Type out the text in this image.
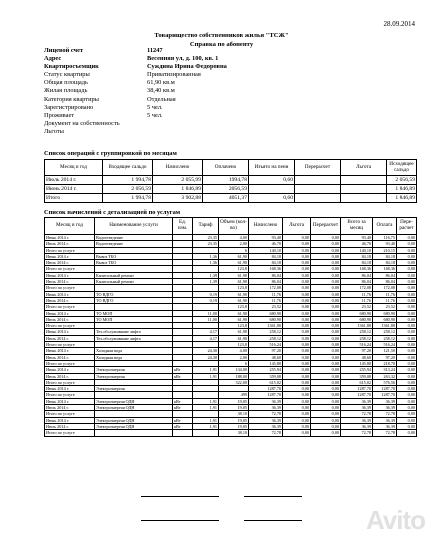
28.09.2014
Товарищество собственников жилья "ТСЖ"
Справка по абоненту
Лицевой счет	11247
Адрес	Весенняя ул, д. 100, кв. 1
Квартиросъемщик	Суждина Ирина Федоровна
Статус квартиры	Приватизированная
Общая площадь	61,90 кв.м
Жилая площадь	38,40 кв.м
Категория квартиры	Отдельная
Зарегистрировано	5 чел.
Проживает	5 чел.
Документ на собственность
Льготы
Список операций с группировкой по месяцам
Месяц и год	Входящее сальдо	Начислено	Оплачено	Изъято на пени	Перерасчет	Льгота	Исходящее сальдо
Июль 2014 г.	1 994,78	2 055,99	1994,78	0,60			2 056,59
Июнь 2014 г.	2 056,59	1 846,89	2056,59				1 846,89
Итого	1 994,78	3 902,88	4051,37	0,60			1 846,89
Список начислений с детализацией по услугам
Месяц и год	Наименование услуги	Ед. изм.	Тариф	Объем (кол-во)	Начислено	Льгота	Перерасчет	Всего за месяц	Оплата	Пере-расчет
Июнь 2014 г.	Водоотведение		23,35	4,00	93,40	0,00	0,00	93,40	116,75	0,00
Июль 2014 г.	Водоотведение		23,35	2,00	46,70	0,00	0,00	46,70	93,40	0,00
Итого по услуге				6	140,10	0,00	0,00	140,10	210,15	0,00
Июнь 2014 г.	Вывоз ТБО		1,36	61,90	84,18	0,00	0,00	84,18	84,18	0,00
Июль 2014 г.	Вывоз ТБО		1,36	61,90	84,18	0,00	0,00	84,18	84,18	0,00
Итого по услуге				123,8	168,36	0,00	0,00	168,36	168,36	0,00
Июнь 2014 г.	Капитальный ремонт		1,39	61,90	86,04	0,00	0,00	86,04	86,04	0,00
Июль 2014 г.	Капитальный ремонт		1,39	61,90	86,04	0,00	0,00	86,04	86,04	0,00
Итого по услуге				123,8	172,08	0,00	0,00	172,08	172,08	0,00
Июнь 2014 г.	ТО ВДГО		0,19	61,90	11,76	0,00	0,00	11,76	11,76	0,00
Июль 2014 г.	ТО ВДГО		0,19	61,90	11,76	0,00	0,00	11,76	11,76	0,00
Итого по услуге				123,8	23,52	0,00	0,00	23,52	23,52	0,00
Июнь 2014 г.	ТО МОП		11,00	61,90	680,90	0,00	0,00	680,90	680,90	0,00
Июль 2014 г.	ТО МОП		11,00	61,90	680,90	0,00	0,00	680,90	680,90	0,00
Итого по услуге				123,8	1361,80	0,00	0,00	1361,80	1361,80	0,00
Июнь 2014 г.	Тех.обслуживание лифта		4,17	61,90	258,12	0,00	0,00	258,12	258,12	0,00
Июль 2014 г.	Тех.обслуживание лифта		4,17	61,90	258,12	0,00	0,00	258,12	258,12	0,00
Итого по услуге				123,8	516,24	0,00	0,00	516,24	516,24	0,00
Июнь 2014 г.	Холодная вода		24,30	4,00	97,20	0,00	0,00	97,20	121,50	0,00
Июль 2014 г.	Холодная вода		24,30	2,00	48,60	0,00	0,00	48,60	97,20	0,00
Итого по услуге				6	145,80	0,00	0,00	145,80	218,70	0,00
Июнь 2014 г.	Электроэнергия	кВт	1,91	134,00	255,94	0,00	0,00	255,94	313,24	0,00
Июль 2014 г.	Электроэнергия	кВт	1,91	188,00	359,08	0,00	0,00	359,08	263,32	0,00
Итого по услуге				322,00	615,02	0,00	0,00	615,02	576,56	0,00
Июнь 2014 г.	Электроэнергия				1287,70	0,00	0,00	1287,70	1287,70	0,00
Итого по услуге				499	1287,70	0,00	0,00	1287,70	1287,70	0,00
Июнь 2014 г.	Электроэнергия ОДН	кВт	1,91	19,05	36,39	0,00	0,00	36,39	36,39	0,00
Июль 2014 г.	Электроэнергия ОДН	кВт	1,91	19,05	36,39	0,00	0,00	36,39	36,39	0,00
Итого по услуге				38,10	72,78	0,00	0,00	72,78	72,78	0,00
Июнь 2014 г.	Электроэнергия ОДН	кВт	1,91	19,05	36,39	0,00	0,00	36,39	36,39	0,00
Июль 2014 г.	Электроэнергия ОДН	кВт	1,91	19,05	36,39	0,00	0,00	36,39	36,39	0,00
Итого по услуге				38,10	72,78	0,00	0,00	72,78	72,78	0,00
Avito
